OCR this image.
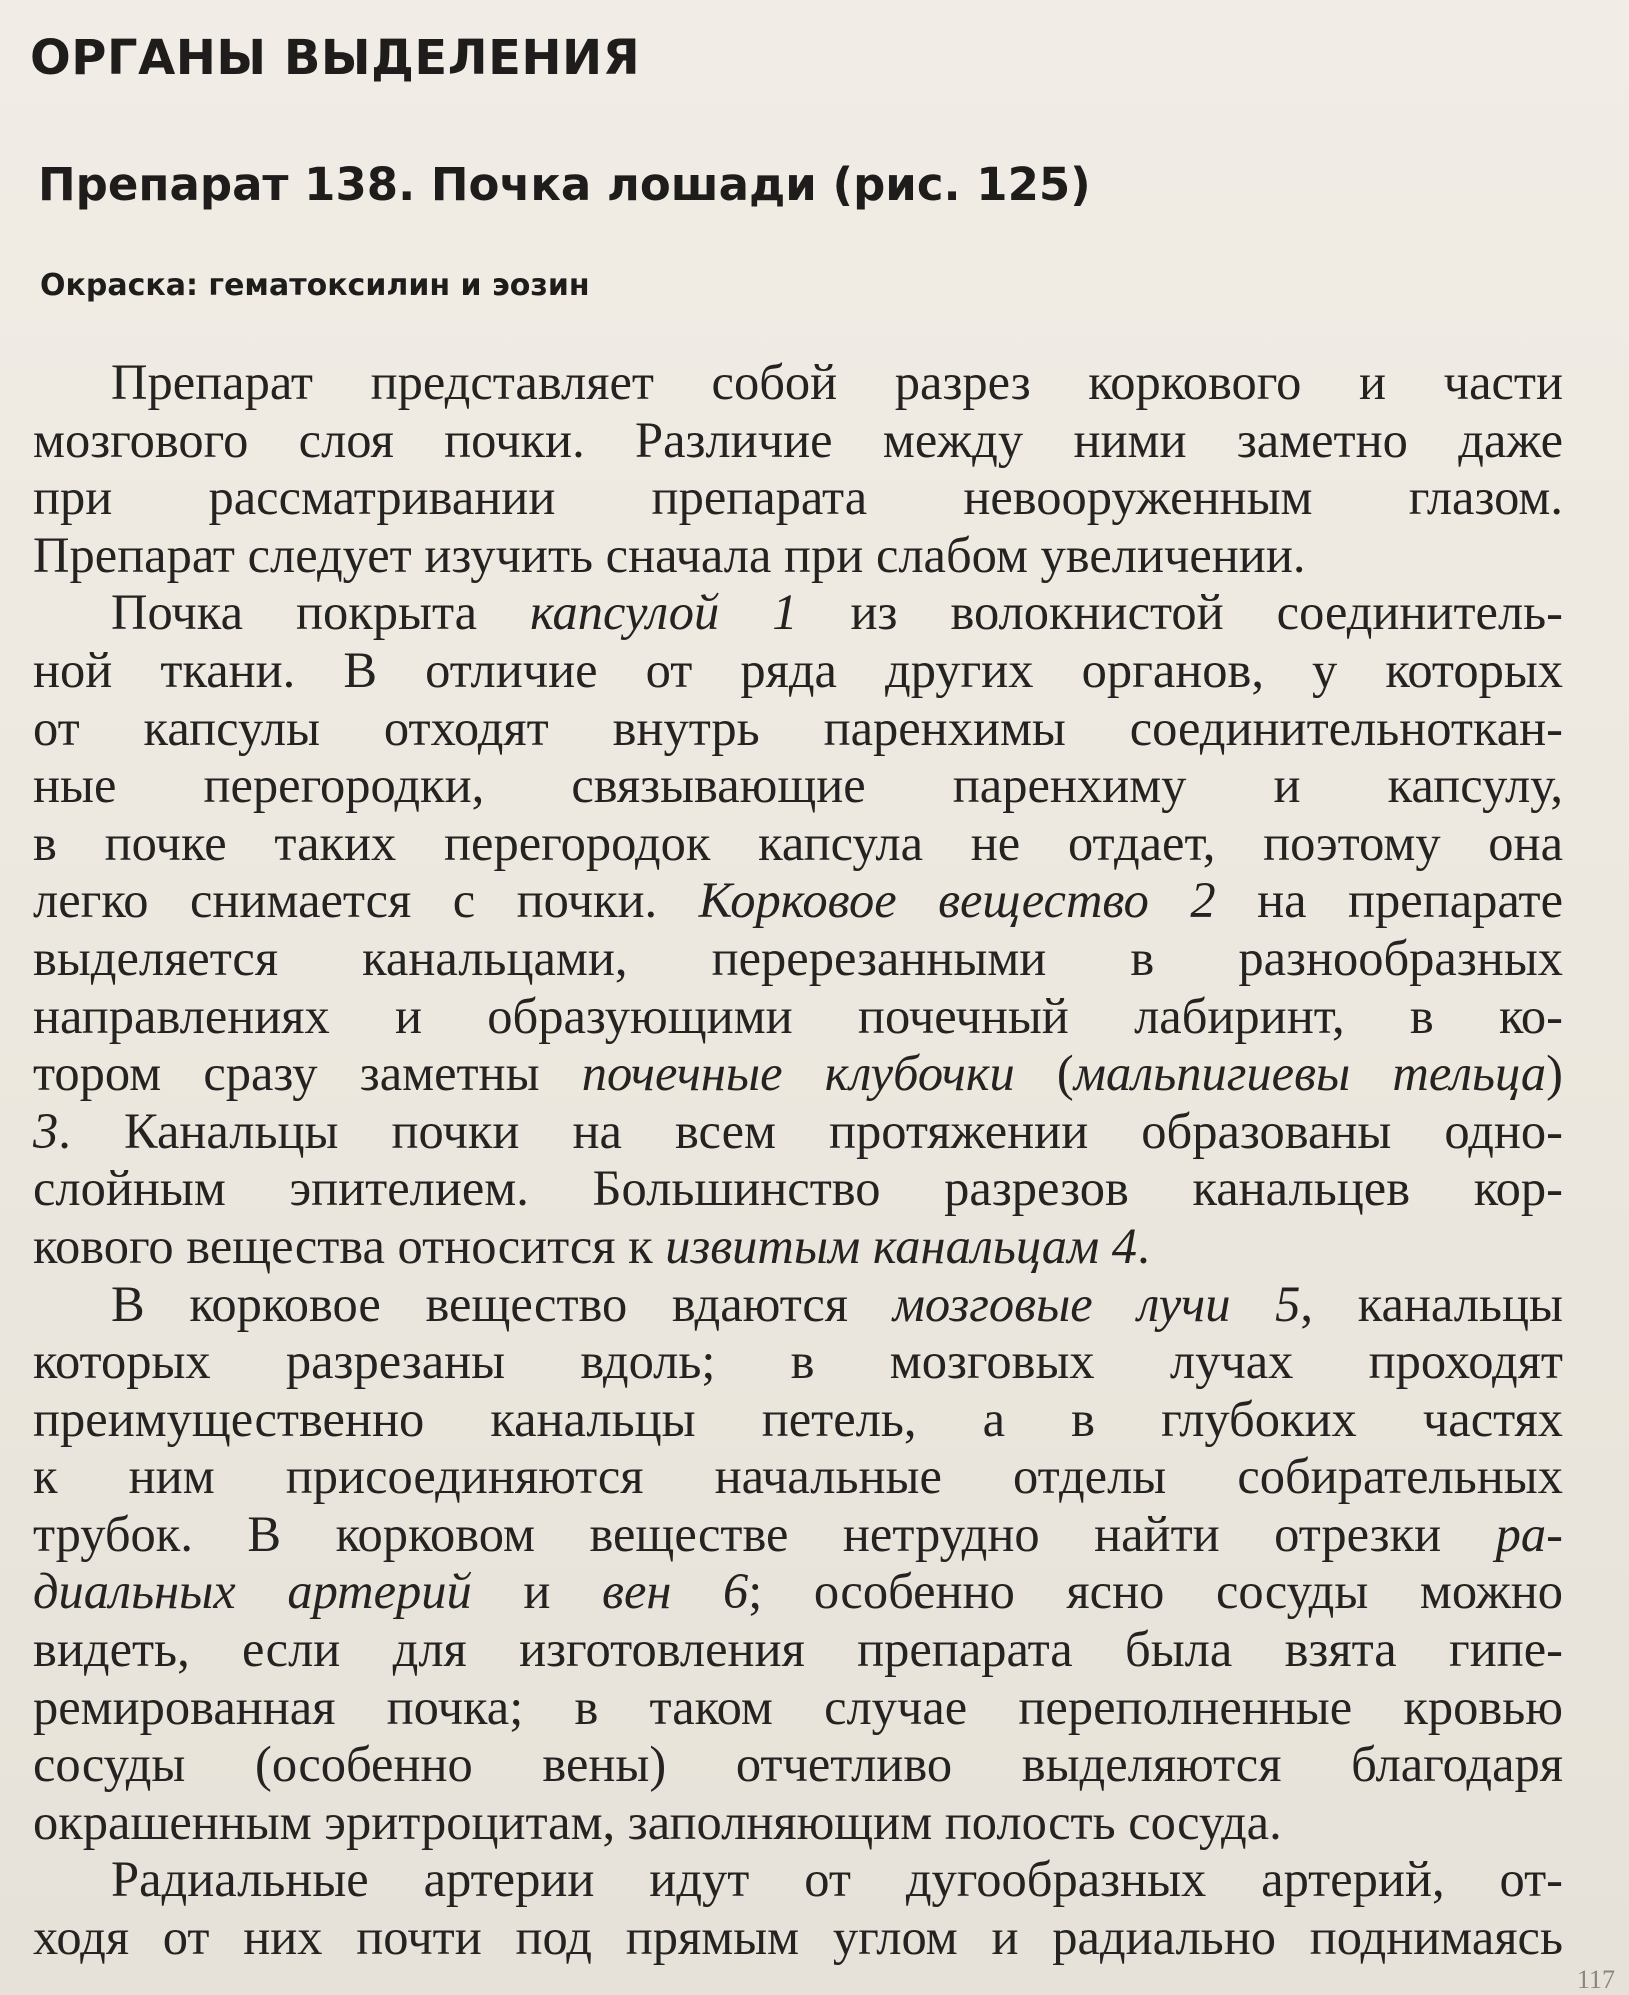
ОРГАНЫ ВЫДЕЛЕНИЯ
Препарат 138. Почка лошади (рис. 125)

Окраска: гематоксилин и эозин

Препарат представляет собой разрез коркового и части
мозгового слоя почки. Различие между ними заметно даже
при рассматривании препарата невооруженным глазом.
Препарат следует изучить сначала при слабом увеличении.
Почка покрыта капсулой 1 из волокнистой соединитель-
ной ткани. В отличие от ряда других органов, у которых
от капсулы отходят внутрь паренхимы соединительноткан-
ные перегородки, связывающие паренхиму и капсулу,
в почке таких перегородок капсула не отдает, поэтому она
легко снимается с почки. Корковое вещество 2 на препарате
выделяется канальцами, перерезанными в разнообразных
направлениях и образующими почечный лабиринт, в ко-
тором сразу заметны почечные клубочки (мальпигиевы тельца)
3. Канальцы почки на всем протяжении образованы одно-
слойным эпителием. Большинство разрезов канальцев кор-
кового вещества относится к извитым канальцам 4.
В корковое вещество вдаются мозговые лучи 5, канальцы
которых разрезаны вдоль; в мозговых лучах проходят
преимущественно канальцы петель, а в глубоких частях
к ним присоединяются начальные отделы собирательных
трубок. В корковом веществе нетрудно найти отрезки ра-
диальных артерий и вен 6; особенно ясно сосуды можно
видеть, если для изготовления препарата была взята гипе-
ремированная почка; в таком случае переполненные кровью
сосуды (особенно вены) отчетливо выделяются благодаря
окрашенным эритроцитам, заполняющим полость сосуда.
Радиальные артерии идут от дугообразных артерий, от-
ходя от них почти под прямым углом и радиально поднимаясь
117
